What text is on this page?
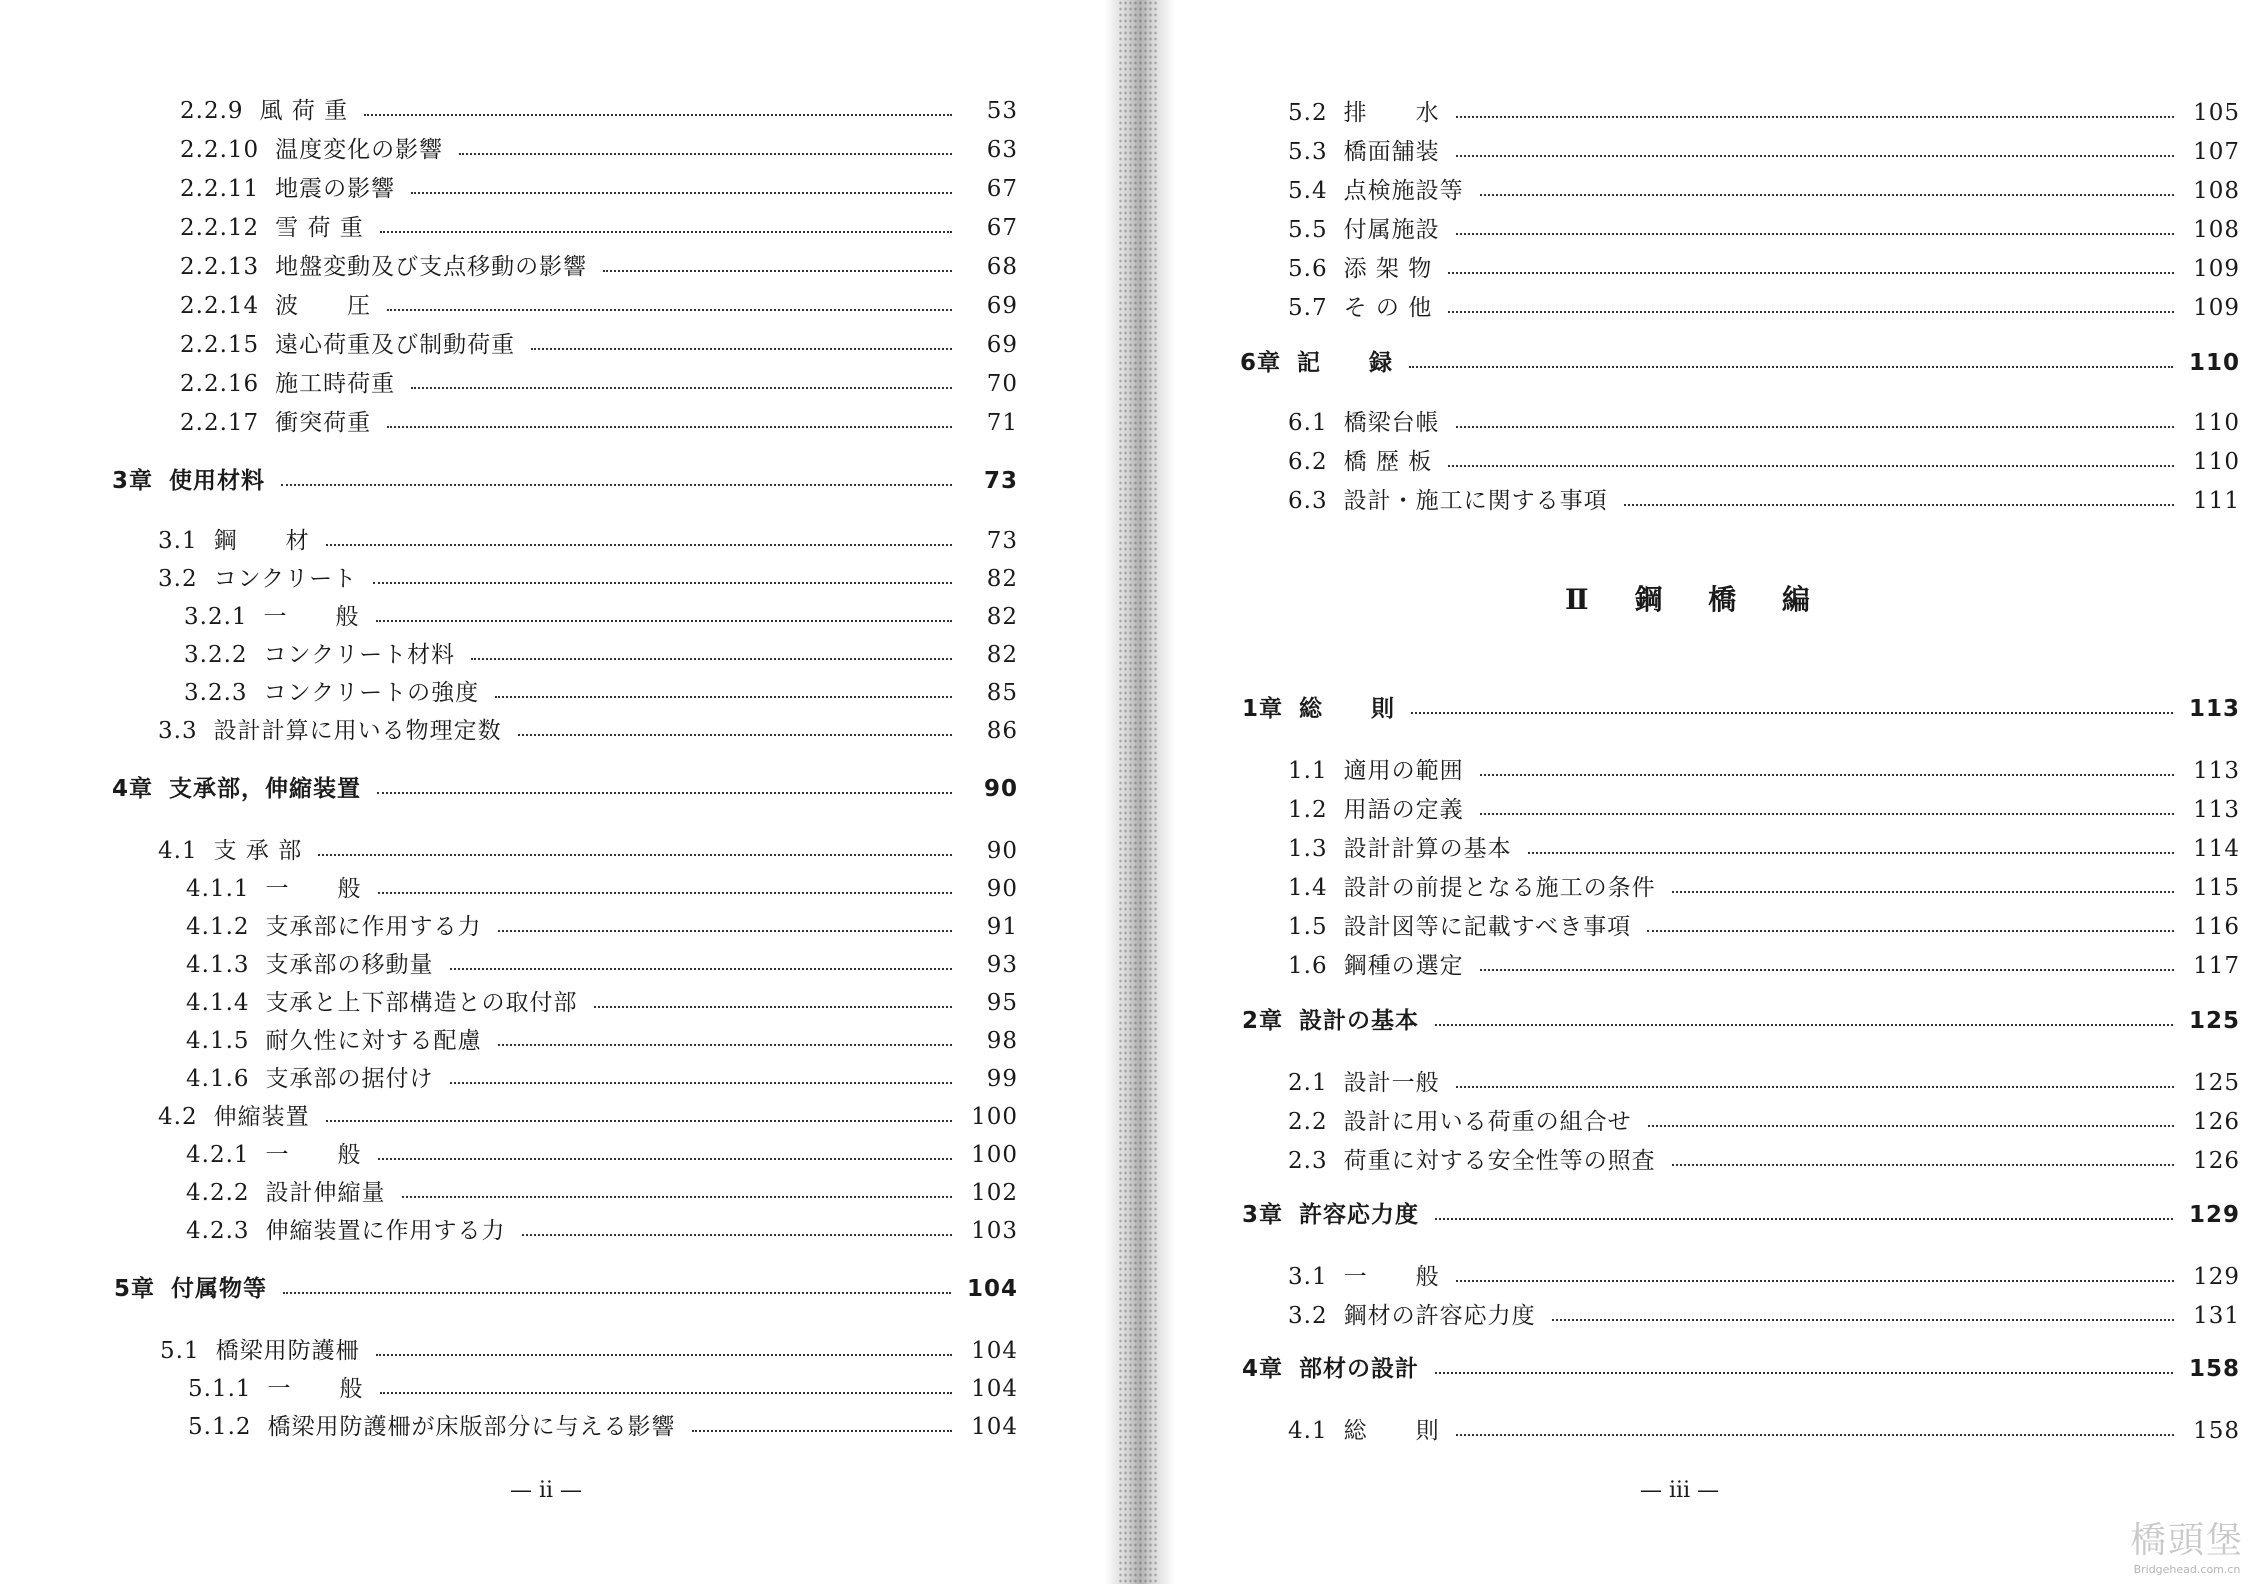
2.2.9 風 荷 重	53
2.2.10 温度変化の影響	63
2.2.11 地震の影響	67
2.2.12 雪 荷 重	67
2.2.13 地盤変動及び支点移動の影響	68
2.2.14 波　　圧	69
2.2.15 遠心荷重及び制動荷重	69
2.2.16 施工時荷重	70
2.2.17 衝突荷重	71
3章 使用材料	73
3.1 鋼　　材	73
3.2 コンクリート	82
3.2.1 一　　般	82
3.2.2 コンクリート材料	82
3.2.3 コンクリートの強度	85
3.3 設計計算に用いる物理定数	86
4章 支承部，伸縮装置	90
4.1 支 承 部	90
4.1.1 一　　般	90
4.1.2 支承部に作用する力	91
4.1.3 支承部の移動量	93
4.1.4 支承と上下部構造との取付部	95
4.1.5 耐久性に対する配慮	98
4.1.6 支承部の据付け	99
4.2 伸縮装置	100
4.2.1 一　　般	100
4.2.2 設計伸縮量	102
4.2.3 伸縮装置に作用する力	103
5章 付属物等	104
5.1 橋梁用防護柵	104
5.1.1 一　　般	104
5.1.2 橋梁用防護柵が床版部分に与える影響	104
— ii —
5.2 排　　水	105
5.3 橋面舗装	107
5.4 点検施設等	108
5.5 付属施設	108
5.6 添 架 物	109
5.7 そ の 他	109
6章 記　　録	110
6.1 橋梁台帳	110
6.2 橋 歴 板	110
6.3 設計・施工に関する事項	111
Ⅱ 鋼 橋 編
1章 総　　則	113
1.1 適用の範囲	113
1.2 用語の定義	113
1.3 設計計算の基本	114
1.4 設計の前提となる施工の条件	115
1.5 設計図等に記載すべき事項	116
1.6 鋼種の選定	117
2章 設計の基本	125
2.1 設計一般	125
2.2 設計に用いる荷重の組合せ	126
2.3 荷重に対する安全性等の照査	126
3章 許容応力度	129
3.1 一　　般	129
3.2 鋼材の許容応力度	131
4章 部材の設計	158
4.1 総　　則	158
— iii —
橋頭堡
Bridgehead.com.cn
